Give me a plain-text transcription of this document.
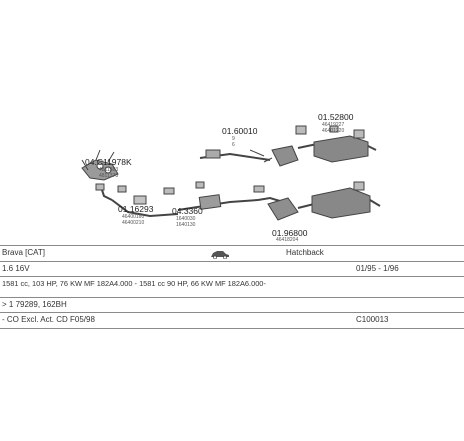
04.C11978K
4811383
4811373
01.16293
46400160
46400210
04.3360
1640030
1640130
01.60010
9
6
01.52800
46419227
46401220
01.96800
46418204
Brava [CAT]	Hatchback
1.6 16V	01/95 - 1/96
1581 cc, 103 HP, 76 KW MF 182A4.000 - 1581 cc 90 HP, 66 KW MF 182A6.000-
> 1 79289, 162BH
- CO Excl. Act. CD F05/98	C100013
